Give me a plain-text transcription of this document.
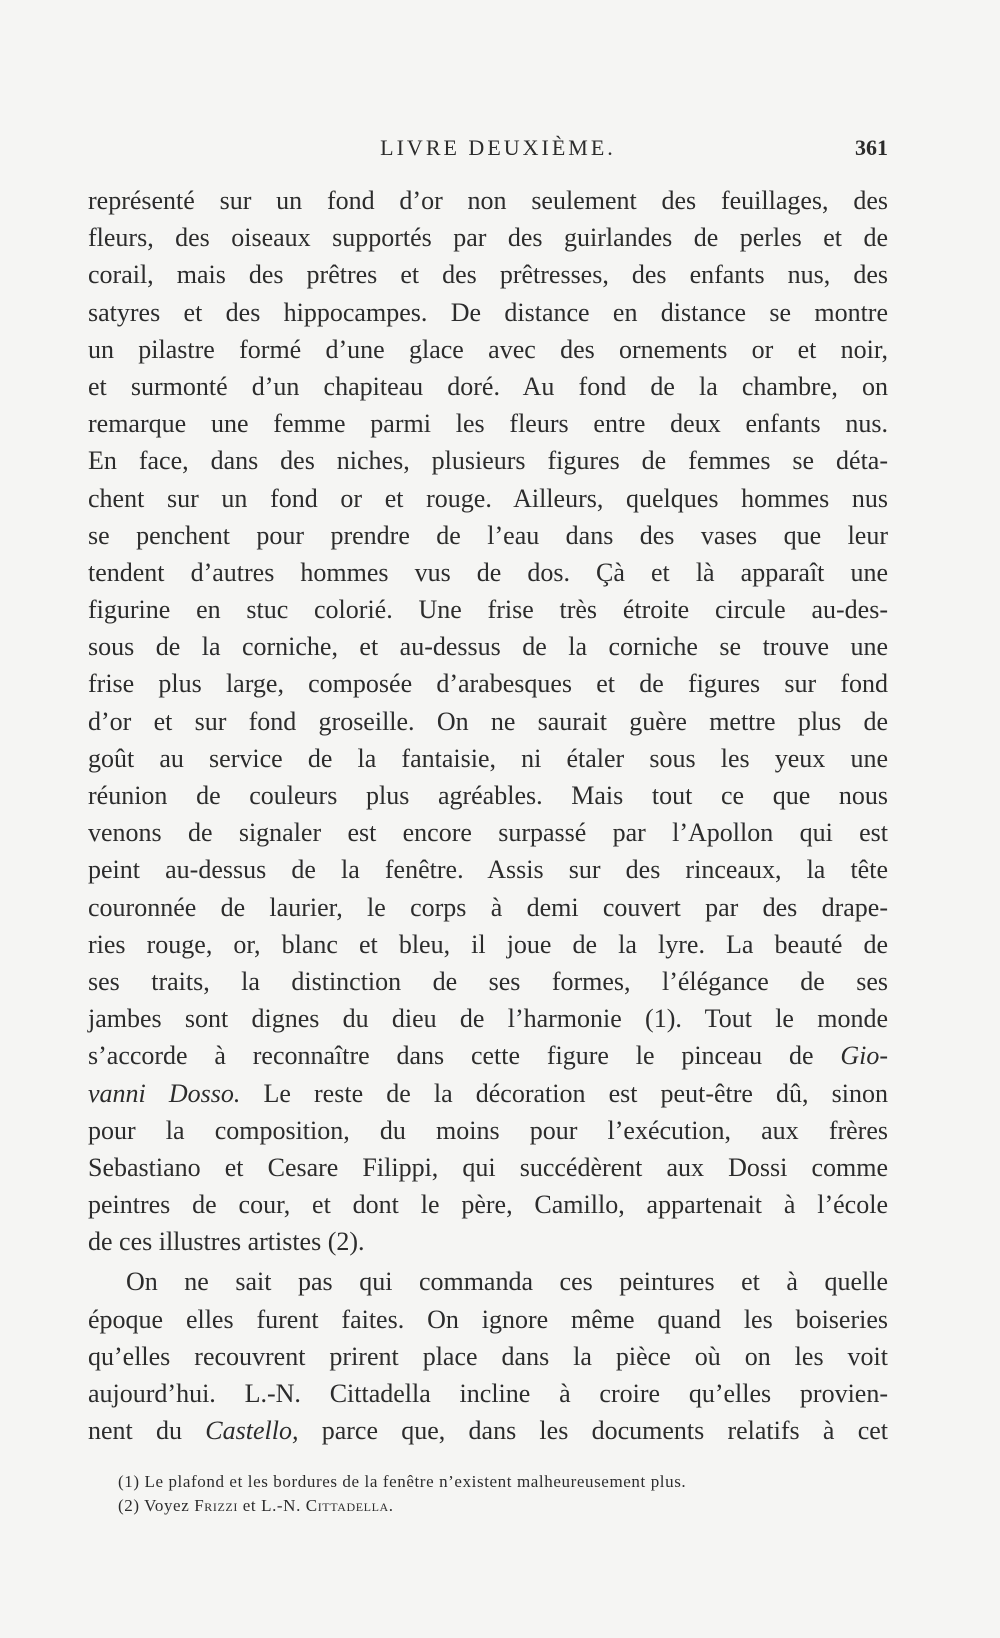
LIVRE DEUXIÈME.	361
représenté sur un fond d’or non seulement des feuillages, des
fleurs, des oiseaux supportés par des guirlandes de perles et de
corail, mais des prêtres et des prêtresses, des enfants nus, des
satyres et des hippocampes. De distance en distance se montre
un pilastre formé d’une glace avec des ornements or et noir,
et surmonté d’un chapiteau doré. Au fond de la chambre, on
remarque une femme parmi les fleurs entre deux enfants nus.
En face, dans des niches, plusieurs figures de femmes se déta-
chent sur un fond or et rouge. Ailleurs, quelques hommes nus
se penchent pour prendre de l’eau dans des vases que leur
tendent d’autres hommes vus de dos. Çà et là apparaît une
figurine en stuc colorié. Une frise très étroite circule au-des-
sous de la corniche, et au-dessus de la corniche se trouve une
frise plus large, composée d’arabesques et de figures sur fond
d’or et sur fond groseille. On ne saurait guère mettre plus de
goût au service de la fantaisie, ni étaler sous les yeux une
réunion de couleurs plus agréables. Mais tout ce que nous
venons de signaler est encore surpassé par l’Apollon qui est
peint au-dessus de la fenêtre. Assis sur des rinceaux, la tête
couronnée de laurier, le corps à demi couvert par des drape-
ries rouge, or, blanc et bleu, il joue de la lyre. La beauté de
ses traits, la distinction de ses formes, l’élégance de ses
jambes sont dignes du dieu de l’harmonie (1). Tout le monde
s’accorde à reconnaître dans cette figure le pinceau de Gio-
vanni Dosso. Le reste de la décoration est peut-être dû, sinon
pour la composition, du moins pour l’exécution, aux frères
Sebastiano et Cesare Filippi, qui succédèrent aux Dossi comme
peintres de cour, et dont le père, Camillo, appartenait à l’école
de ces illustres artistes (2).
On ne sait pas qui commanda ces peintures et à quelle
époque elles furent faites. On ignore même quand les boiseries
qu’elles recouvrent prirent place dans la pièce où on les voit
aujourd’hui. L.-N. Cittadella incline à croire qu’elles provien-
nent du Castello, parce que, dans les documents relatifs à cet
(1) Le plafond et les bordures de la fenêtre n’existent malheureusement plus.
(2) Voyez Frizzi et L.-N. Cittadella.
